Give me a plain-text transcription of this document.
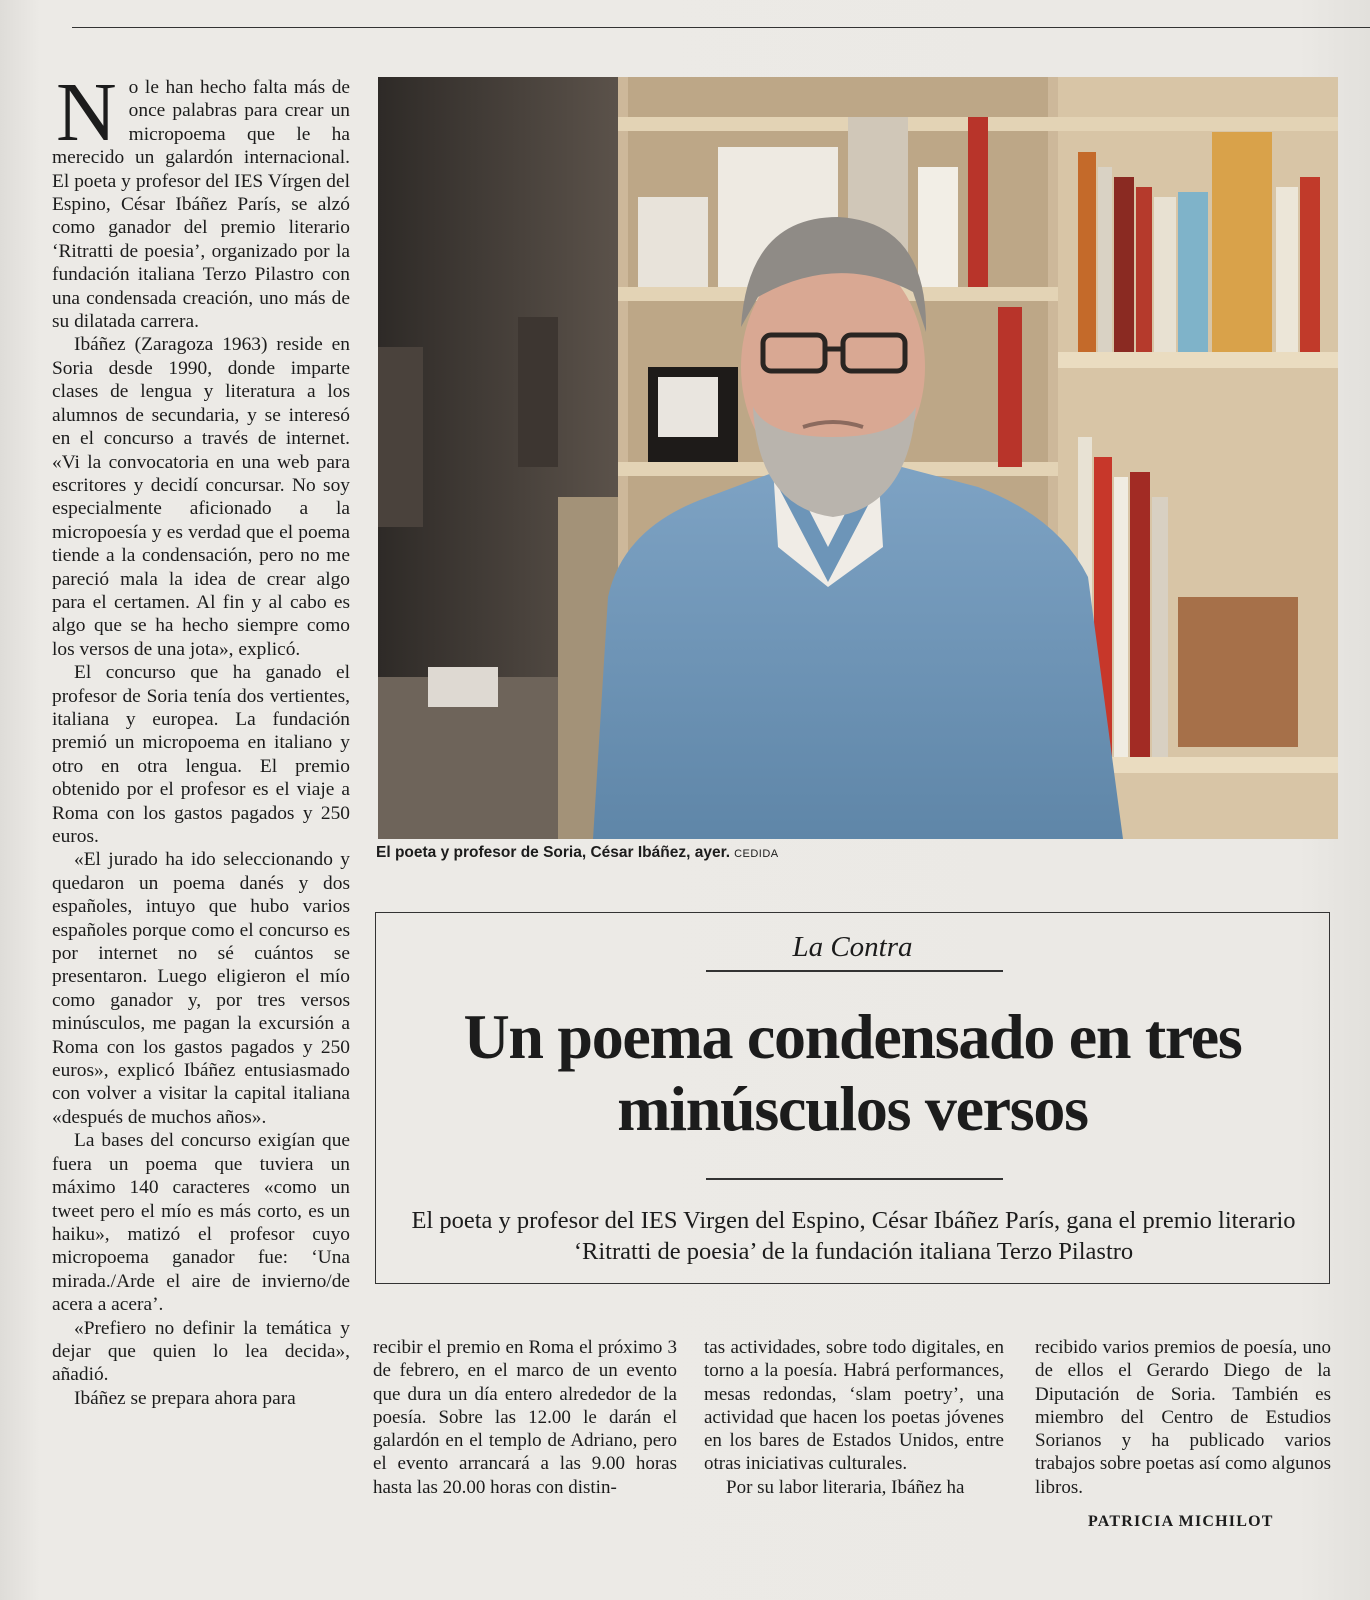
No le han hecho falta más de once palabras para crear un micropoema que le ha merecido un galardón internacional. El poeta y profesor del IES Vírgen del Espino, César Ibáñez París, se alzó como ganador del premio literario ‘Ritratti de poesia’, organizado por la fundación italiana Terzo Pilastro con una condensada creación, uno más de su dilatada carrera.

Ibáñez (Zaragoza 1963) reside en Soria desde 1990, donde imparte clases de lengua y literatura a los alumnos de secundaria, y se interesó en el concurso a través de internet. «Vi la convocatoria en una web para escritores y decidí concursar. No soy especialmente aficionado a la micropoesía y es verdad que el poema tiende a la condensación, pero no me pareció mala la idea de crear algo para el certamen. Al fin y al cabo es algo que se ha hecho siempre como los versos de una jota», explicó.

El concurso que ha ganado el profesor de Soria tenía dos vertientes, italiana y europea. La fundación premió un micropoema en italiano y otro en otra lengua. El premio obtenido por el profesor es el viaje a Roma con los gastos pagados y 250 euros.

«El jurado ha ido seleccionando y quedaron un poema danés y dos españoles, intuyo que hubo varios españoles porque como el concurso es por internet no sé cuántos se presentaron. Luego eligieron el mío como ganador y, por tres versos minúsculos, me pagan la excursión a Roma con los gastos pagados y 250 euros», explicó Ibáñez entusiasmado con volver a visitar la capital italiana «después de muchos años».

La bases del concurso exigían que fuera un poema que tuviera un máximo 140 caracteres «como un tweet pero el mío es más corto, es un haiku», matizó el profesor cuyo micropoema ganador fue: ‘Una mirada./Arde el aire de invierno/de acera a acera’.

«Prefiero no definir la temática y dejar que quien lo lea decida», añadió.

Ibáñez se prepara ahora para

El poeta y profesor de Soria, César Ibáñez, ayer. CEDIDA
La Contra
Un poema condensado en tres minúsculos versos
El poeta y profesor del IES Virgen del Espino, César Ibáñez París, gana el premio literario ‘Ritratti de poesia’ de la fundación italiana Terzo Pilastro

recibir el premio en Roma el próximo 3 de febrero, en el marco de un evento que dura un día entero alrededor de la poesía. Sobre las 12.00 le darán el galardón en el templo de Adriano, pero el evento arrancará a las 9.00 horas hasta las 20.00 horas con distin-

tas actividades, sobre todo digitales, en torno a la poesía. Habrá performances, mesas redondas, ‘slam poetry’, una actividad que hacen los poetas jóvenes en los bares de Estados Unidos, entre otras iniciativas culturales.

Por su labor literaria, Ibáñez ha

recibido varios premios de poesía, uno de ellos el Gerardo Diego de la Diputación de Soria. También es miembro del Centro de Estudios Sorianos y ha publicado varios trabajos sobre poetas así como algunos libros.

PATRICIA MICHILOT
